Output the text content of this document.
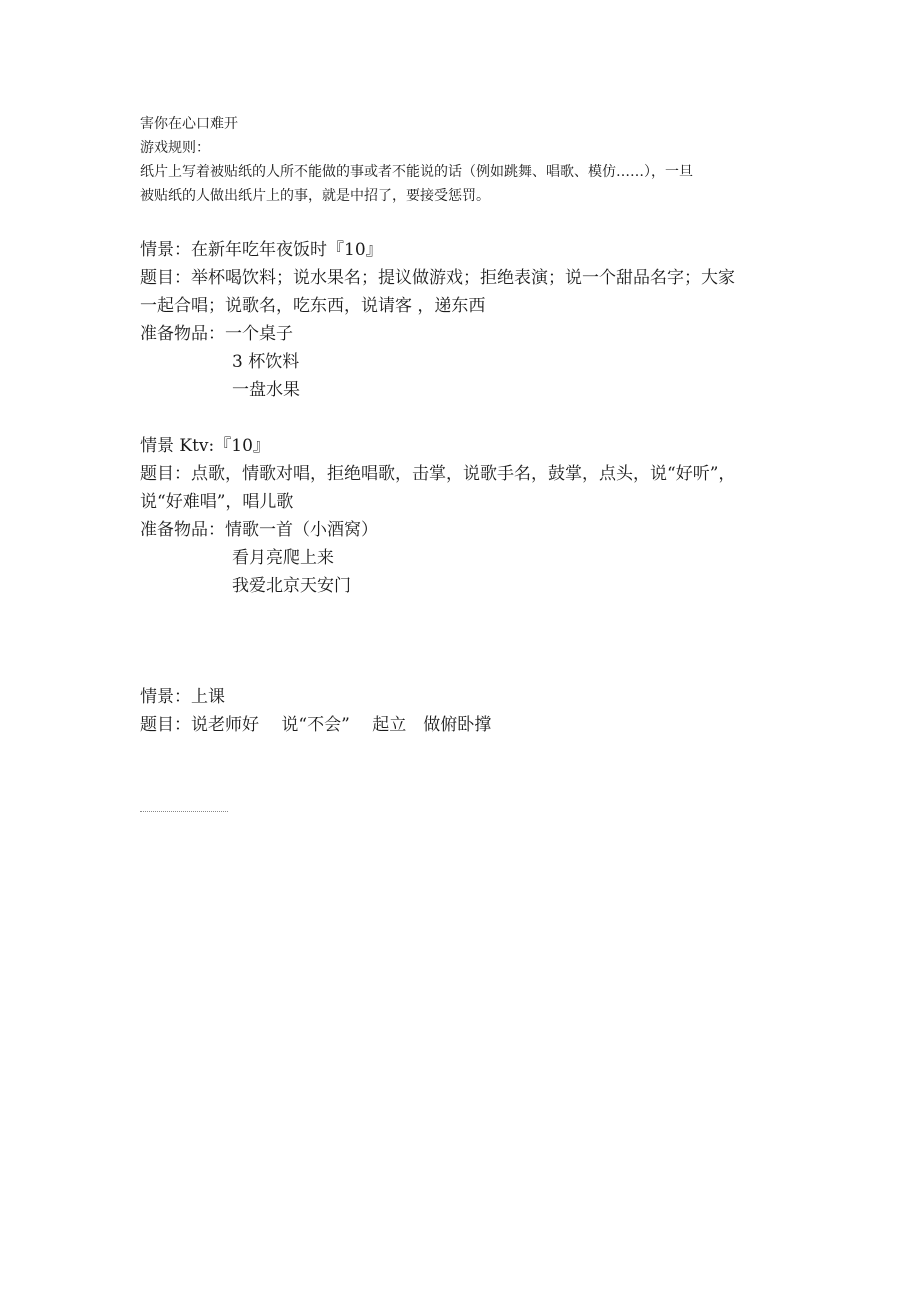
害你在心口难开
游戏规则：
纸片上写着被贴纸的人所不能做的事或者不能说的话（例如跳舞、唱歌、模仿……），一旦
被贴纸的人做出纸片上的事，就是中招了，要接受惩罚。
情景：在新年吃年夜饭时『10』
题目：举杯喝饮料；说水果名；提议做游戏；拒绝表演；说一个甜品名字；大家
一起合唱；说歌名，吃东西，说请客 ，递东西
准备物品：一个桌子
3 杯饮料
一盘水果
情景 Ktv:『10』
题目：点歌，情歌对唱，拒绝唱歌，击掌，说歌手名，鼓掌，点头，说“好听”，
说“好难唱”，唱儿歌
准备物品：情歌一首（小酒窝）
看月亮爬上来
我爱北京天安门
情景：上课
题目：说老师好　 说“不会”　 起立　做俯卧撑
